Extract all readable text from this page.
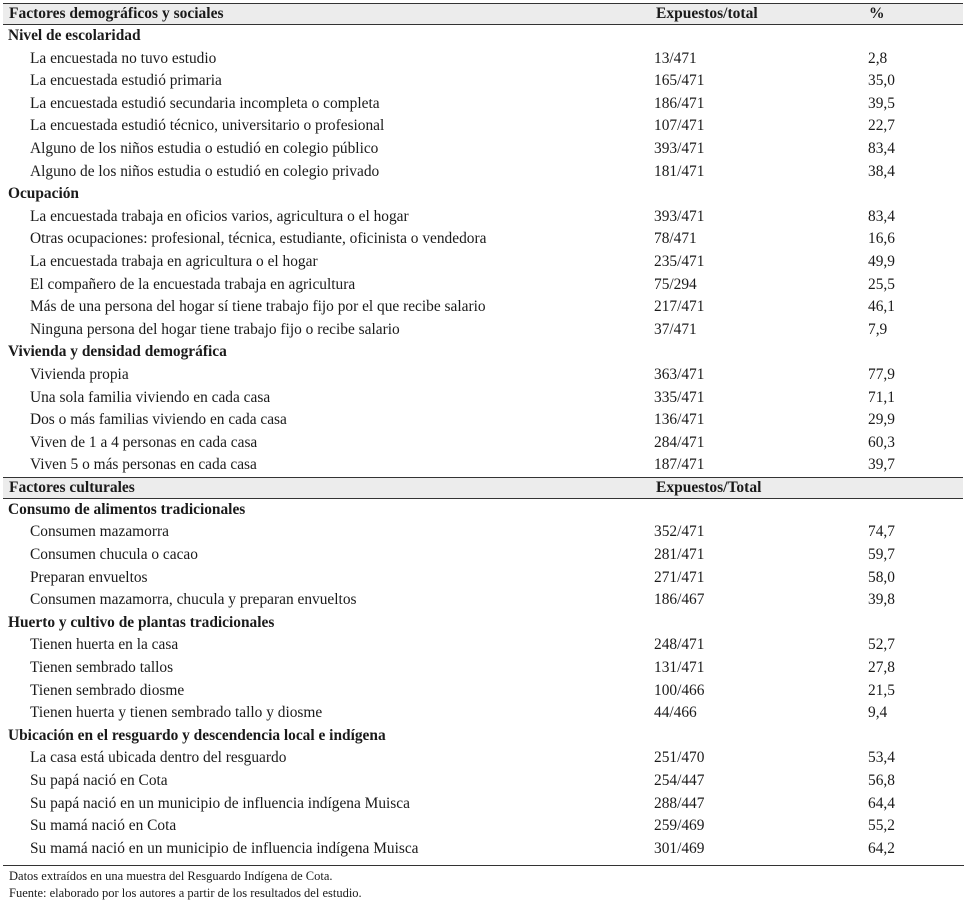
Factores demográficos y sociales	Expuestos/total	%
Nivel de escolaridad
La encuestada no tuvo estudio	13/471	2,8
La encuestada estudió primaria	165/471	35,0
La encuestada estudió secundaria incompleta o completa	186/471	39,5
La encuestada estudió técnico, universitario o profesional	107/471	22,7
Alguno de los niños estudia o estudió en colegio público	393/471	83,4
Alguno de los niños estudia o estudió en colegio privado	181/471	38,4
Ocupación
La encuestada trabaja en oficios varios, agricultura o el hogar	393/471	83,4
Otras ocupaciones: profesional, técnica, estudiante, oficinista o vendedora	78/471	16,6
La encuestada trabaja en agricultura o el hogar	235/471	49,9
El compañero de la encuestada trabaja en agricultura	75/294	25,5
Más de una persona del hogar sí tiene trabajo fijo por el que recibe salario	217/471	46,1
Ninguna persona del hogar tiene trabajo fijo o recibe salario	37/471	7,9
Vivienda y densidad demográfica
Vivienda propia	363/471	77,9
Una sola familia viviendo en cada casa	335/471	71,1
Dos o más familias viviendo en cada casa	136/471	29,9
Viven de 1 a 4 personas en cada casa	284/471	60,3
Viven 5 o más personas en cada casa	187/471	39,7
Factores culturales	Expuestos/Total
Consumo de alimentos tradicionales
Consumen mazamorra	352/471	74,7
Consumen chucula o cacao	281/471	59,7
Preparan envueltos	271/471	58,0
Consumen mazamorra, chucula y preparan envueltos	186/467	39,8
Huerto y cultivo de plantas tradicionales
Tienen huerta en la casa	248/471	52,7
Tienen sembrado tallos	131/471	27,8
Tienen sembrado diosme	100/466	21,5
Tienen huerta y tienen sembrado tallo y diosme	44/466	9,4
Ubicación en el resguardo y descendencia local e indígena
La casa está ubicada dentro del resguardo	251/470	53,4
Su papá nació en Cota	254/447	56,8
Su papá nació en un municipio de influencia indígena Muisca	288/447	64,4
Su mamá nació en Cota	259/469	55,2
Su mamá nació en un municipio de influencia indígena Muisca	301/469	64,2
Datos extraídos en una muestra del Resguardo Indígena de Cota.
Fuente: elaborado por los autores a partir de los resultados del estudio.
